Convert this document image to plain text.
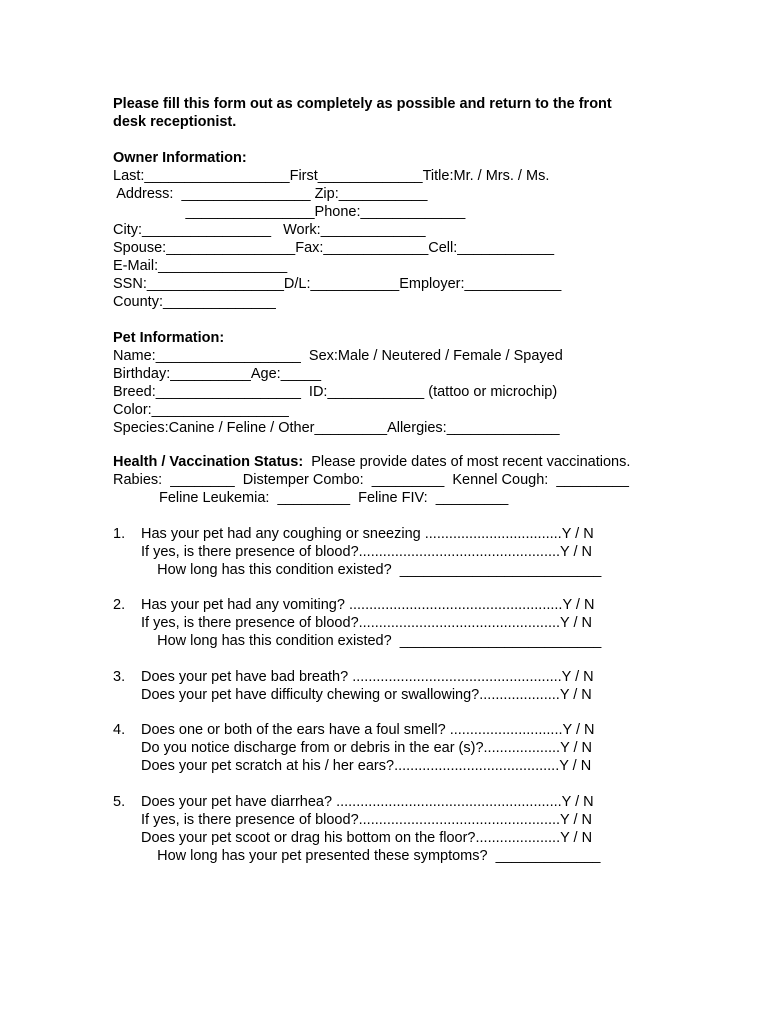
Please fill this form out as completely as possible and return to the front
desk receptionist.
Owner Information:
Last:__________________First_____________Title:Mr. / Mrs. / Ms.
Address:  ________________ Zip:___________
________________Phone:_____________
City:________________   Work:_____________
Spouse:________________Fax:_____________Cell:____________
E-Mail:________________
SSN:_________________D/L:___________Employer:____________
County:______________
Pet Information:
Name:__________________  Sex:Male / Neutered / Female / Spayed
Birthday:__________Age:_____
Breed:__________________  ID:____________ (tattoo or microchip)
Color:_________________
Species:Canine / Feline / Other_________Allergies:______________
Health / Vaccination Status:  Please provide dates of most recent vaccinations.
Rabies:  ________  Distemper Combo:  _________  Kennel Cough:  _________
Feline Leukemia:  _________  Feline FIV:  _________
1. Has your pet had any coughing or sneezing ..................................Y / N
If yes, is there presence of blood?..................................................Y / N
How long has this condition existed?  _________________________
2. Has your pet had any vomiting? .....................................................Y / N
If yes, is there presence of blood?..................................................Y / N
How long has this condition existed?  _________________________
3. Does your pet have bad breath? ....................................................Y / N
Does your pet have difficulty chewing or swallowing?....................Y / N
4. Does one or both of the ears have a foul smell? ............................Y / N
Do you notice discharge from or debris in the ear (s)?...................Y / N
Does your pet scratch at his / her ears?.........................................Y / N
5. Does your pet have diarrhea? ........................................................Y / N
If yes, is there presence of blood?..................................................Y / N
Does your pet scoot or drag his bottom on the floor?.....................Y / N
How long has your pet presented these symptoms?  _____________
